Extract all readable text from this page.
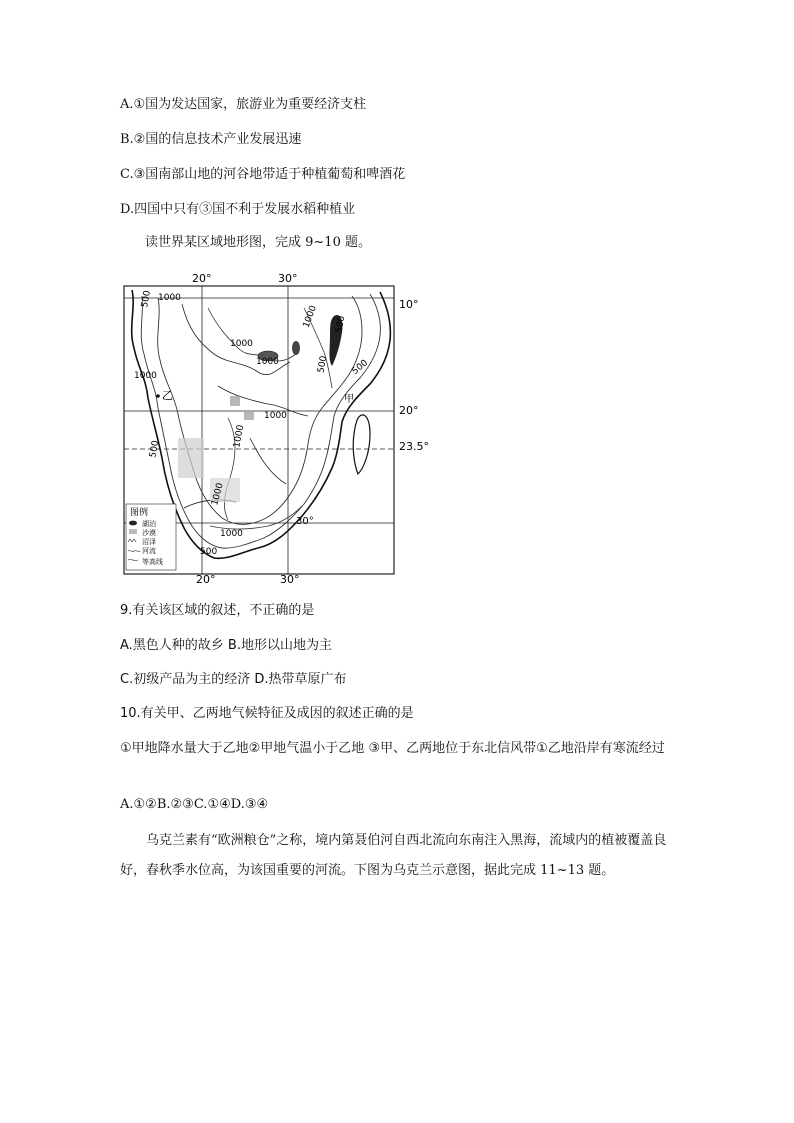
A.①国为发达国家，旅游业为重要经济支柱
B.②国的信息技术产业发展迅速
C.③国南部山地的河谷地带适于种植葡萄和啤酒花
D.四国中只有③国不利于发展水稻种植业
读世界某区域地形图，完成 9~10 题。
20°	30°
20°	30°
10°
20°
23.5°
30°
1000
500
1000
1000
1000
1000 500
500 500
1000
1000
500
1000
1000
500
乙	甲
图例
湖泊
沙漠
沼泽
河流
等高线
9.有关该区域的叙述，不正确的是
A.黑色人种的故乡 B.地形以山地为主
C.初级产品为主的经济 D.热带草原广布
10.有关甲、乙两地气候特征及成因的叙述正确的是
①甲地降水量大于乙地②甲地气温小于乙地 ③甲、乙两地位于东北信风带①乙地沿岸有寒流经过
A.①②B.②③C.①④D.③④
乌克兰素有“欧洲粮仓”之称，境内第聂伯河自西北流向东南注入黑海，流域内的植被覆盖良好，春秋季水位高，为该国重要的河流。下图为乌克兰示意图，据此完成 11~13 题。
